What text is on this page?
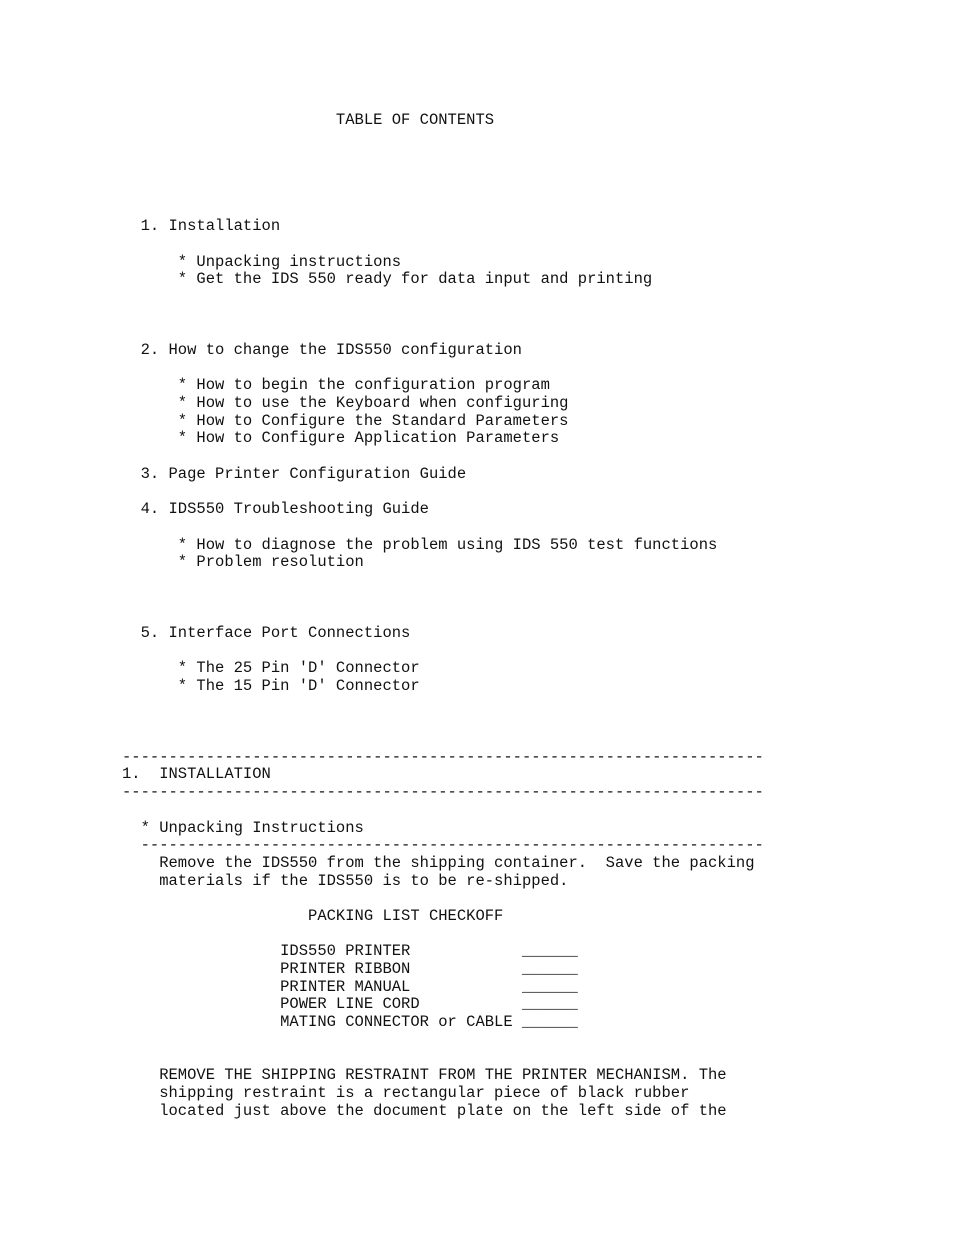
TABLE OF CONTENTS
1. Installation
* Unpacking instructions
* Get the IDS 550 ready for data input and printing
2. How to change the IDS550 configuration
* How to begin the configuration program
* How to use the Keyboard when configuring
* How to Configure the Standard Parameters
* How to Configure Application Parameters
3. Page Printer Configuration Guide
4. IDS550 Troubleshooting Guide
* How to diagnose the problem using IDS 550 test functions
* Problem resolution
5. Interface Port Connections
* The 25 Pin 'D' Connector
* The 15 Pin 'D' Connector
---------------------------------------------------------------------
1.  INSTALLATION
---------------------------------------------------------------------
* Unpacking Instructions
-------------------------------------------------------------------
Remove the IDS550 from the shipping container.  Save the packing
materials if the IDS550 is to be re-shipped.
PACKING LIST CHECKOFF
IDS550 PRINTER            ______
PRINTER RIBBON            ______
PRINTER MANUAL            ______
POWER LINE CORD           ______
MATING CONNECTOR or CABLE ______
REMOVE THE SHIPPING RESTRAINT FROM THE PRINTER MECHANISM. The
shipping restraint is a rectangular piece of black rubber
located just above the document plate on the left side of the
